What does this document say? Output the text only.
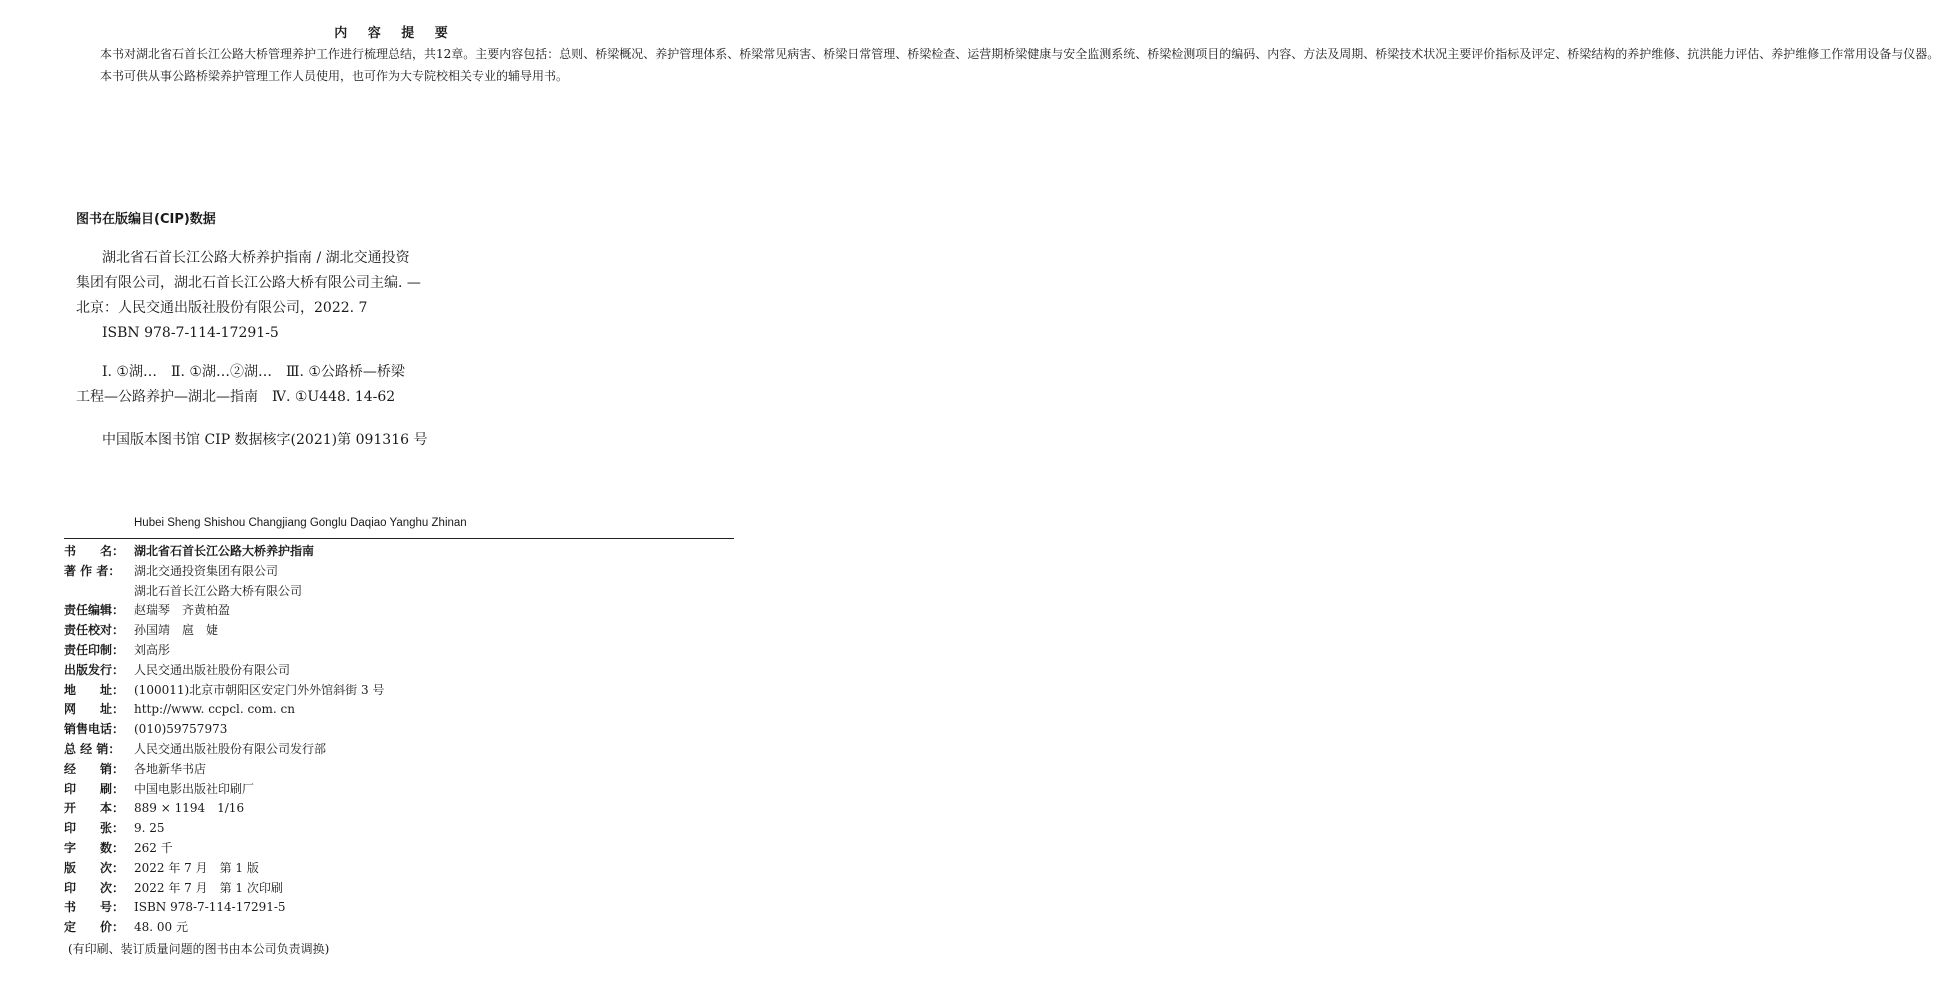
内 容 提 要

本书对湖北省石首长江公路大桥管理养护工作进行梳理总结，共12章。主要内容包括：总则、桥梁概况、养护管理体系、桥梁常见病害、桥梁日常管理、桥梁检查、运营期桥梁健康与安全监测系统、桥梁检测项目的编码、内容、方法及周期、桥梁技术状况主要评价指标及评定、桥梁结构的养护维修、抗洪能力评估、养护维修工作常用设备与仪器。

本书可供从事公路桥梁养护管理工作人员使用，也可作为大专院校相关专业的辅导用书。

图书在版编目(CIP)数据
湖北省石首长江公路大桥养护指南 / 湖北交通投资
集团有限公司，湖北石首长江公路大桥有限公司主编. —
北京：人民交通出版社股份有限公司，2022. 7
ISBN 978-7-114-17291-5
Ⅰ. ①湖…　Ⅱ. ①湖…②湖…　Ⅲ. ①公路桥—桥梁
工程—公路养护—湖北—指南　Ⅳ. ①U448. 14-62
中国版本图书馆 CIP 数据核字(2021)第 091316 号
Hubei Sheng Shishou Changjiang Gonglu Daqiao Yanghu Zhinan
书　　名： 湖北省石首长江公路大桥养护指南
著 作 者： 湖北交通投资集团有限公司
湖北石首长江公路大桥有限公司
责任编辑： 赵瑞琴　齐黄柏盈
责任校对： 孙国靖　扈　婕
责任印制： 刘高彤
出版发行： 人民交通出版社股份有限公司
地　　址： (100011)北京市朝阳区安定门外外馆斜街 3 号
网　　址： http://www. ccpcl. com. cn
销售电话： (010)59757973
总 经 销： 人民交通出版社股份有限公司发行部
经　　销： 各地新华书店
印　　刷： 中国电影出版社印刷厂
开　　本： 889 × 1194　1/16
印　　张： 9. 25
字　　数： 262 千
版　　次： 2022 年 7 月　第 1 版
印　　次： 2022 年 7 月　第 1 次印刷
书　　号： ISBN 978-7-114-17291-5
定　　价： 48. 00 元
(有印刷、装订质量问题的图书由本公司负责调换)
